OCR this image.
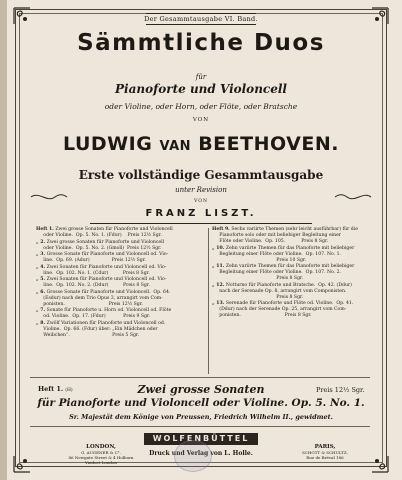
Der Gesammtausgabe VI. Band.
Sämmtliche Duos
für
Pianoforte und Violoncell
oder Violine, oder Horn, oder Flöte, oder Bratsche
VON
LUDWIG VAN BEETHOVEN.
Erste vollständige Gesammtausgabe
unter Revision
VON
FRANZ LISZT.
Heft 1. Zwei grosse Sonaten für Pianoforte und Violoncell
oder Violine.  Op. 5. No. 1. (Fdur)    Preis 12½ Sgr.
„ 2. Zwei grosse Sonaten für Pianoforte und Violoncell
oder Violine.  Op. 5. No. 2. (Gmoll)  Preis 12½ Sgr.
„ 3. Grosse Sonate für Pianoforte und Violoncell od. Vio-
line.  Op. 69. (Adur)               Preis 12½ Sgr.
„ 4. Zwei Sonaten für Pianoforte und Violoncell od. Vio-
line.  Op. 102. No. 1. (Cdur)          Preis 8 Sgr.
„ 5. Zwei Sonaten für Pianoforte und Violoncell od. Vio-
line.  Op. 102. No. 2. (Ddur)          Preis 8 Sgr.
„ 6. Grosse Sonate für Pianoforte und Violoncell.  Op. 64.
(Esdur) nach dem Trio Opus 3, arrangirt vom Com-
ponisten.                              Preis 12½ Sgr.
„ 7. Sonate für Pianoforte u. Horn od. Violoncell od. Flöte
od. Violine.  Op. 17. (Fdur)            Preis 9 Sgr.
„ 8. Zwölf Variationen für Pianoforte und Violoncell od.
Violine.  Op. 66. (Fdur) über: „Ein Mädchen oder
Weibchen“.                             Preis 5 Sgr.
Heft 9. Sechs variirte Themen (sehr leicht ausführbar) für die
Pianoforte solo oder mit beliebiger Begleitung einer
Flöte oder Violine.  Op. 105.           Preis 8 Sgr.
„ 10. Zehn variirte Themen für das Pianoforte mit beliebiger
Begleitung einer Flöte oder Violine.  Op. 107. No. 1.
Preis 10 Sgr.
„ 11. Zehn variirte Themen für das Pianoforte mit beliebiger
Begleitung einer Flöte oder Violine.  Op. 107. No. 2.
Preis 8 Sgr.
„ 12. Notturno für Pianoforte und Bratsche.  Op. 42. (Ddur)
nach der Serenade Op. 8, arrangirt vom Componisten.
Preis 8 Sgr.
„ 13. Serenade für Pianoforte und Flöte od. Violine.  Op. 41.
(Ddur) nach der Serenade Op. 25, arrangirt vom Com-
ponisten.                              Preis 8 Sgr.
Heft 1. (H)	Zwei grosse Sonaten	Preis 12½ Sgr.
für Pianoforte und Violoncell oder Violine. Op. 5. No. 1.
Sr. Majestät dem Könige von Preussen, Friedrich Wilhelm II., gewidmet.
LONDON,
G. AUGENER & C°.
86 Newgate Street & 4 Holborn
Viaduct London
WOLFENBÜTTEL
Druck und Verlag von L. Holle.
PARIS,
SCHOTT & SCHULTZ,
Rue de Bréval 186
